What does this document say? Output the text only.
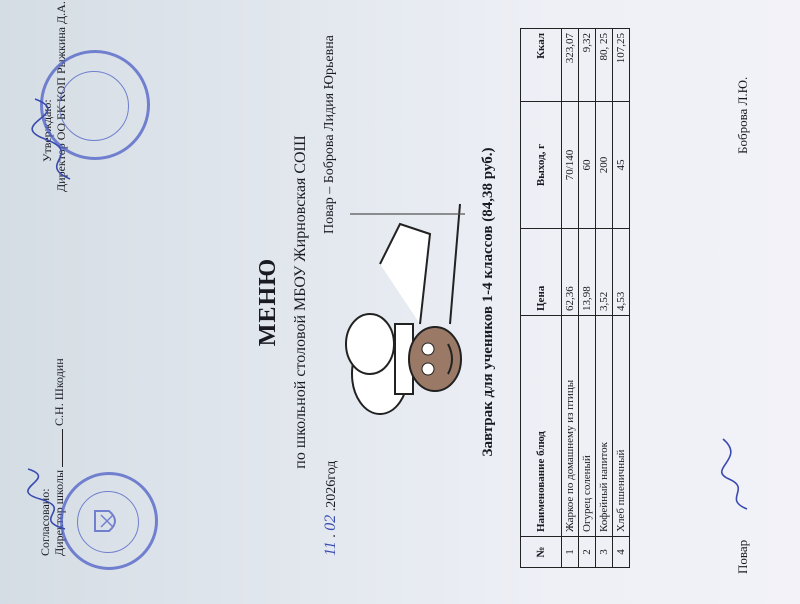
Согласовано: Директор школы  С.Н. Шкодин
Утверждаю: Директор ОО БК КОП Рыжкина Д.А.
МЕНЮ по школьной столовой МБОУ Жирновская СОШ
11 . 02 .2026год
Повар – Боброва Лидия Юрьевна
Завтрак для учеников 1-4 классов (84,38 руб.)
№	Наименование блюд	Цена	Выход, г	Ккал
1	Жаркое по домашнему из птицы	62,36	70/140	323,07
2	Огурец соленый	13,98	60	9,32
3	Кофейный напиток	3,52	200	80, 25
4	Хлеб пшеничный	4,53	45	107,25
Повар
Боброва Л.Ю.
